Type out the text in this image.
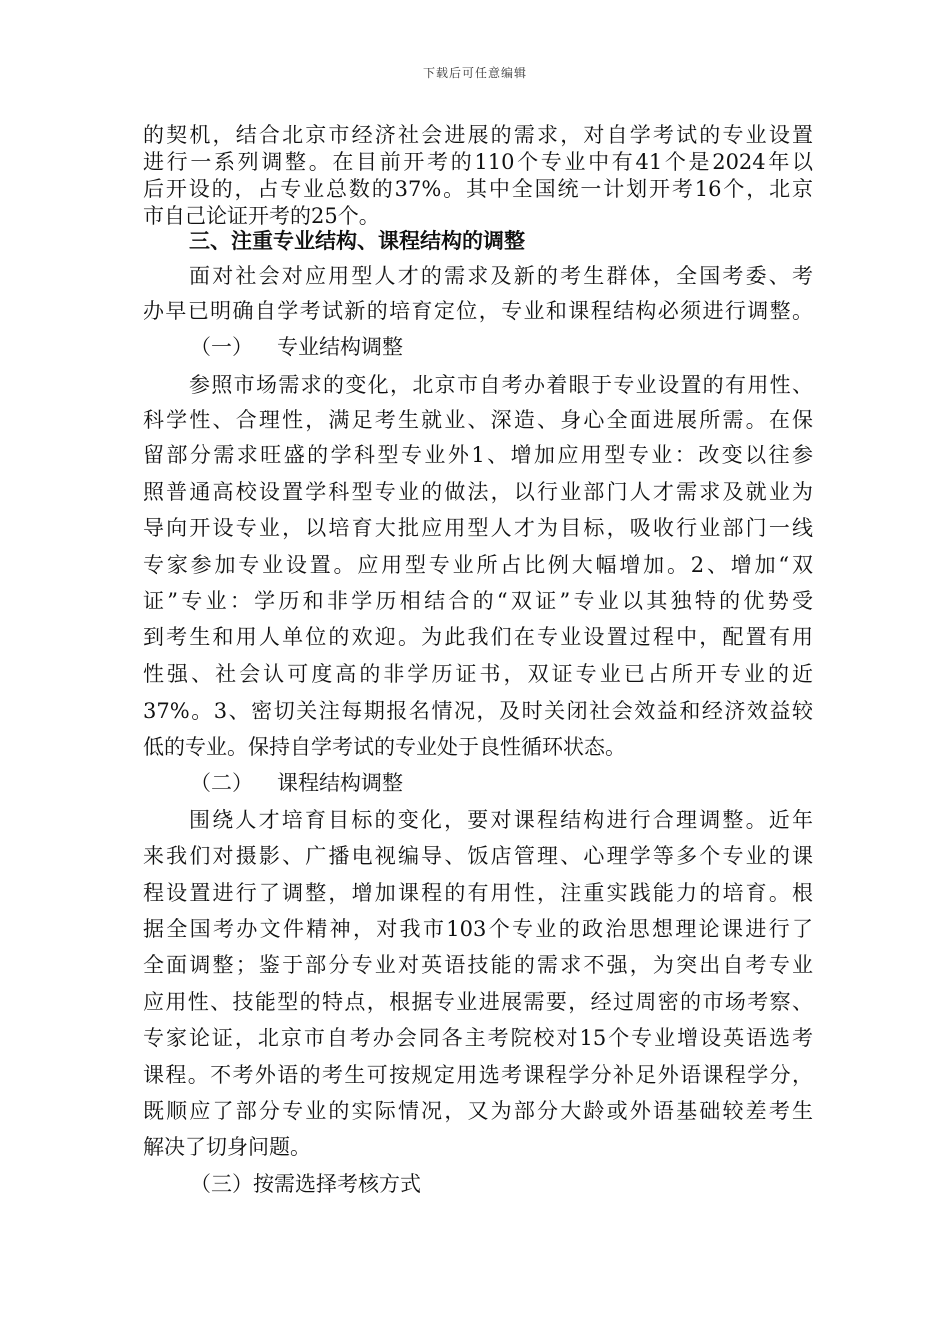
下载后可任意编辑
的契机，结合北京市经济社会进展的需求，对自学考试的专业设置
进行一系列调整。在目前开考的110个专业中有41个是2024年以
后开设的，占专业总数的37%。其中全国统一计划开考16个，北京
市自己论证开考的25个。
三、注重专业结构、课程结构的调整
面对社会对应用型人才的需求及新的考生群体，全国考委、考
办早已明确自学考试新的培育定位，专业和课程结构必须进行调整。
（一） 专业结构调整
参照市场需求的变化，北京市自考办着眼于专业设置的有用性、
科学性、合理性，满足考生就业、深造、身心全面进展所需。在保
留部分需求旺盛的学科型专业外1、增加应用型专业：改变以往参
照普通高校设置学科型专业的做法，以行业部门人才需求及就业为
导向开设专业，以培育大批应用型人才为目标，吸收行业部门一线
专家参加专业设置。应用型专业所占比例大幅增加。2、增加“双
证”专业：学历和非学历相结合的“双证”专业以其独特的优势受
到考生和用人单位的欢迎。为此我们在专业设置过程中，配置有用
性强、社会认可度高的非学历证书，双证专业已占所开专业的近
37%。3、密切关注每期报名情况，及时关闭社会效益和经济效益较
低的专业。保持自学考试的专业处于良性循环状态。
（二） 课程结构调整
围绕人才培育目标的变化，要对课程结构进行合理调整。近年
来我们对摄影、广播电视编导、饭店管理、心理学等多个专业的课
程设置进行了调整，增加课程的有用性，注重实践能力的培育。根
据全国考办文件精神，对我市103个专业的政治思想理论课进行了
全面调整；鉴于部分专业对英语技能的需求不强，为突出自考专业
应用性、技能型的特点，根据专业进展需要，经过周密的市场考察、
专家论证，北京市自考办会同各主考院校对15个专业增设英语选考
课程。不考外语的考生可按规定用选考课程学分补足外语课程学分，
既顺应了部分专业的实际情况，又为部分大龄或外语基础较差考生
解决了切身问题。
（三）按需选择考核方式
